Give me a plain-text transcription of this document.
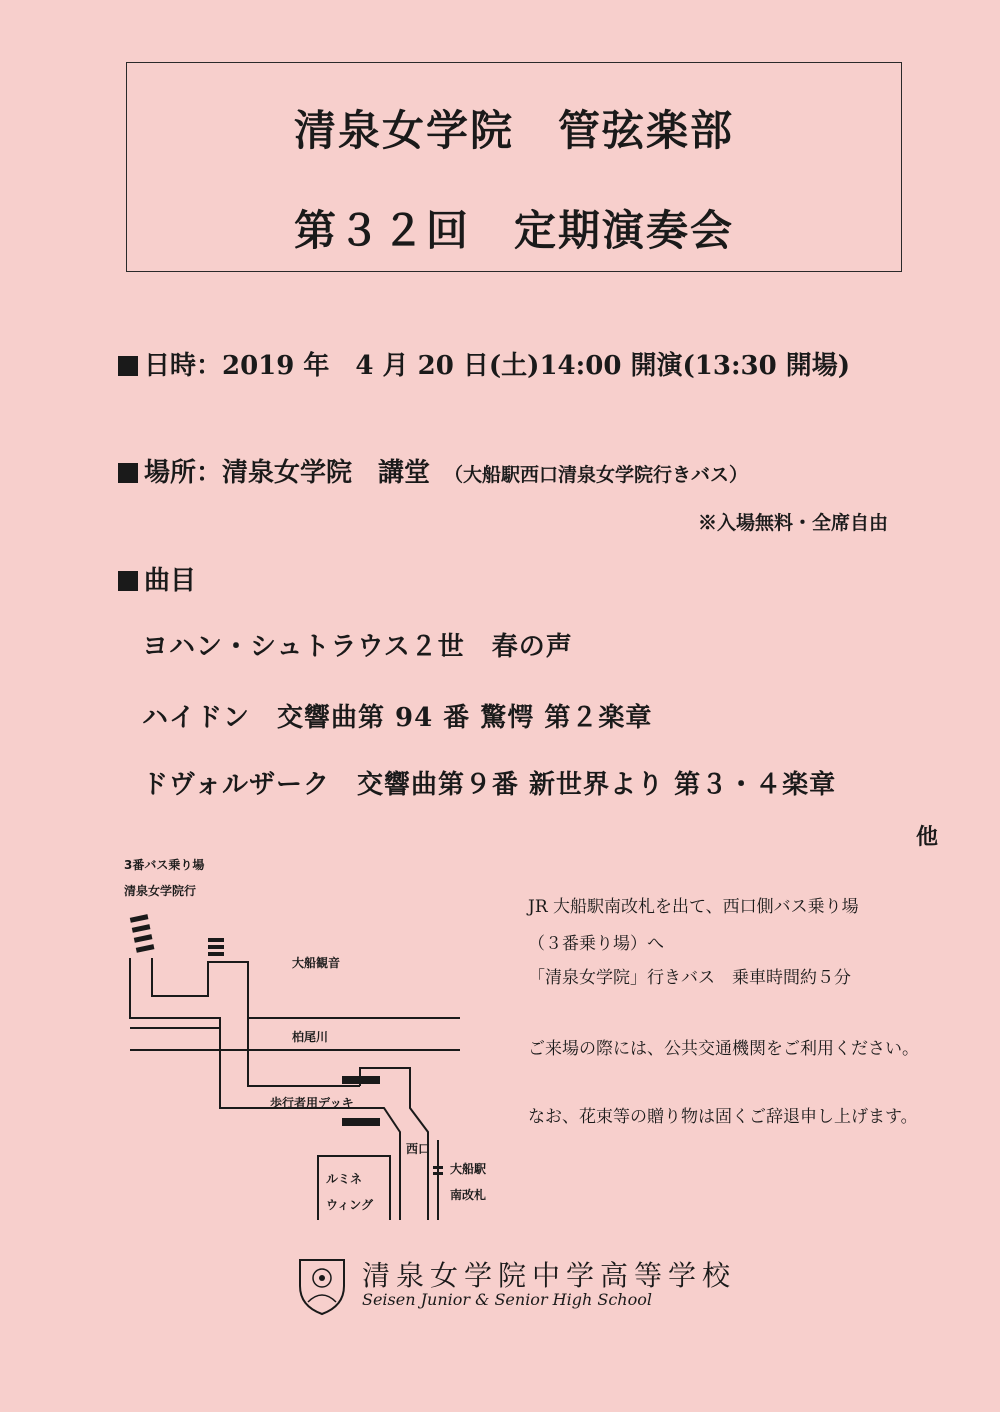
清泉女学院　管弦楽部
第３２回　定期演奏会
日時：2019 年　4 月 20 日(土)14:00 開演(13:30 開場)
場所：清泉女学院　講堂 （大船駅西口清泉女学院行きバス）
※入場無料・全席自由
曲目
ヨハン・シュトラウス２世　春の声
ハイドン　交響曲第 94 番 驚愕 第２楽章
ドヴォルザーク　交響曲第９番 新世界より 第３・４楽章
他
3番バス乗り場
清泉女学院行
大船観音
柏尾川
歩行者用デッキ
西口
大船駅
南改札
ルミネ
ウィング
JR 大船駅南改札を出て、西口側バス乗り場
（３番乗り場）へ
「清泉女学院」行きバス　乗車時間約５分
ご来場の際には、公共交通機関をご利用ください。
なお、花束等の贈り物は固くご辞退申し上げます。
清泉女学院中学高等学校
Seisen Junior & Senior High School
